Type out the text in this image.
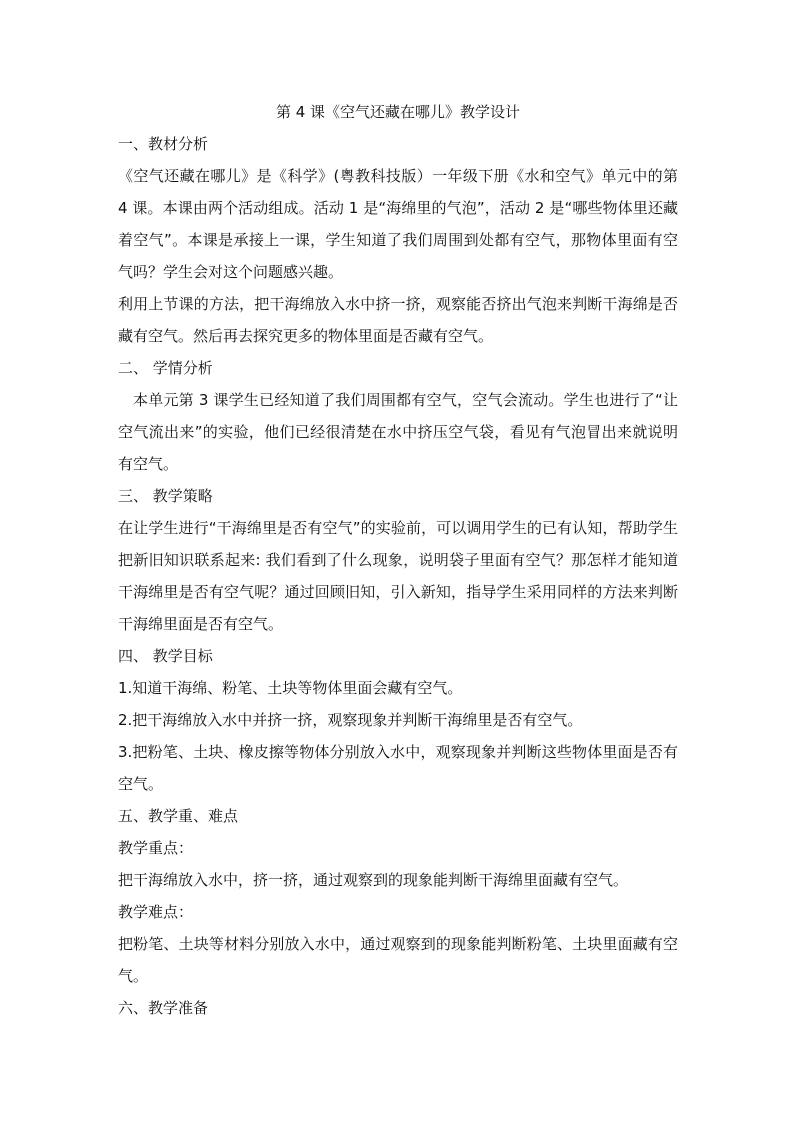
第 4 课《空气还藏在哪儿》教学设计

一、教材分析

《空气还藏在哪儿》是《科学》(粤教科技版）一年级下册《水和空气》单元中的第 4 课。本课由两个活动组成。活动 1 是“海绵里的气泡”，活动 2 是“哪些物体里还藏着空气”。本课是承接上一课，学生知道了我们周围到处都有空气，那物体里面有空气吗？学生会对这个问题感兴趣。

利用上节课的方法，把干海绵放入水中挤一挤，观察能否挤出气泡来判断干海绵是否藏有空气。然后再去探究更多的物体里面是否藏有空气。

二、 学情分析

本单元第 3 课学生已经知道了我们周围都有空气，空气会流动。学生也进行了“让空气流出来”的实验，他们已经很清楚在水中挤压空气袋，看见有气泡冒出来就说明有空气。

三、 教学策略

在让学生进行“干海绵里是否有空气”的实验前，可以调用学生的已有认知，帮助学生把新旧知识联系起来: 我们看到了什么现象，说明袋子里面有空气？那怎样才能知道干海绵里是否有空气呢？通过回顾旧知，引入新知，指导学生采用同样的方法来判断干海绵里面是否有空气。

四、 教学目标

1.知道干海绵、粉笔、土块等物体里面会藏有空气。

2.把干海绵放入水中并挤一挤，观察现象并判断干海绵里是否有空气。

3.把粉笔、土块、橡皮擦等物体分别放入水中，观察现象并判断这些物体里面是否有空气。

五、教学重、难点

教学重点：

把干海绵放入水中，挤一挤，通过观察到的现象能判断干海绵里面藏有空气。

教学难点：

把粉笔、土块等材料分别放入水中，通过观察到的现象能判断粉笔、土块里面藏有空气。

六、教学准备
